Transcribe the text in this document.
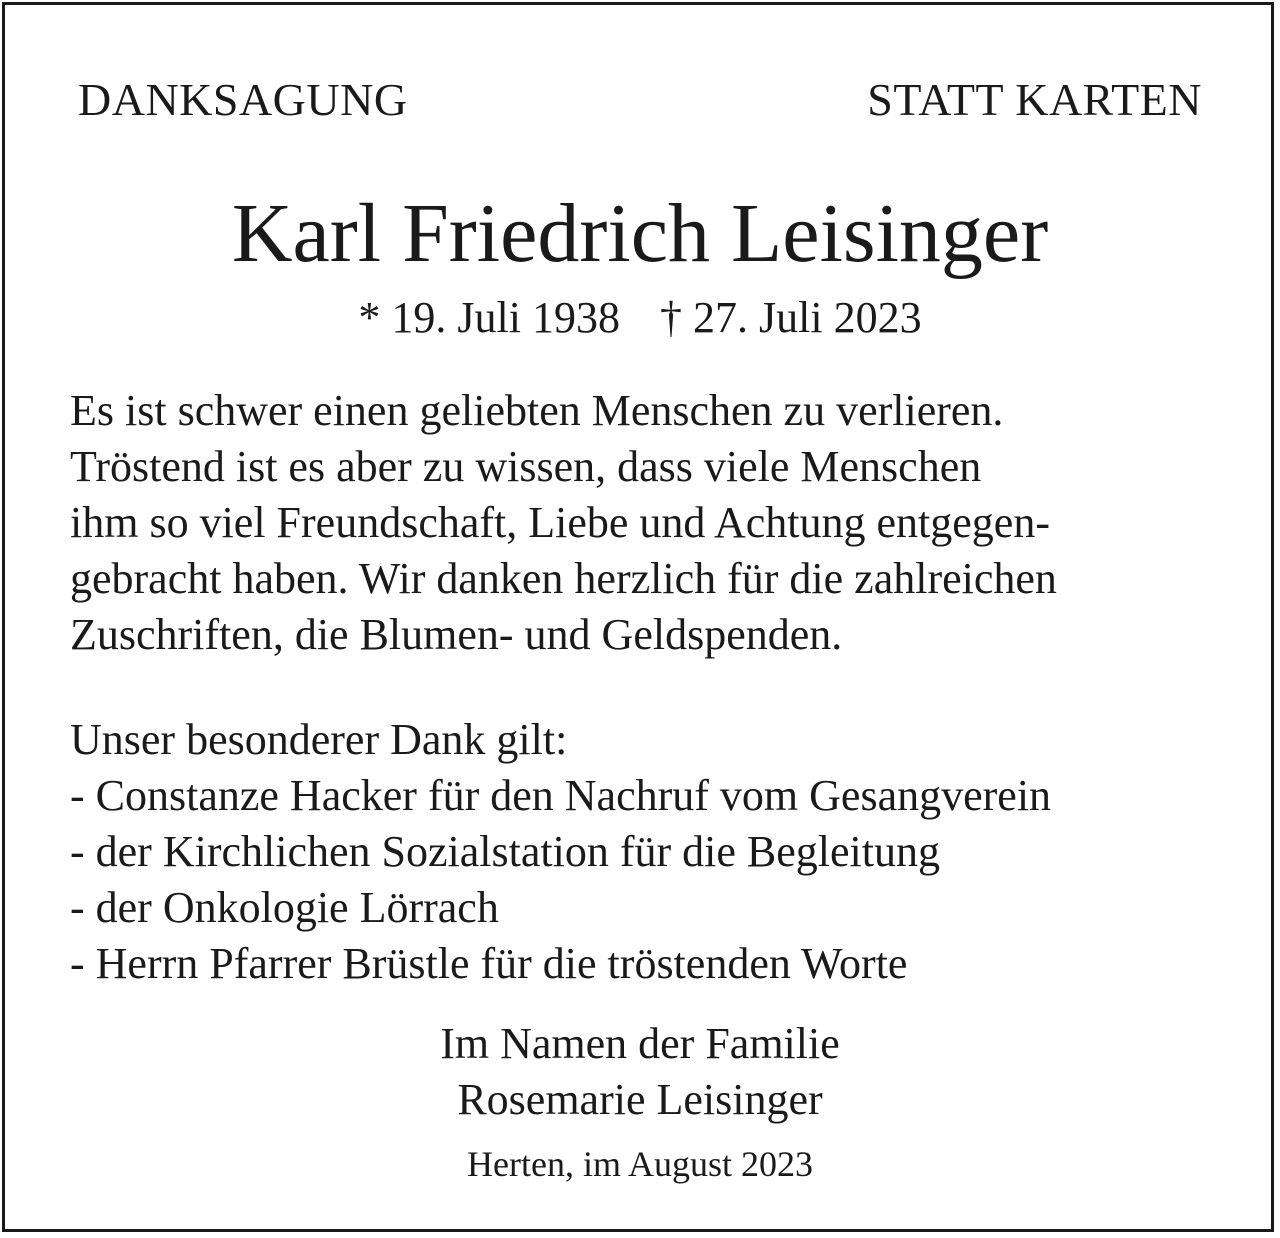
DANKSAGUNG	STATT KARTEN
Karl Friedrich Leisinger
* 19. Juli 1938 † 27. Juli 2023
Es ist schwer einen geliebten Menschen zu verlieren.
Tröstend ist es aber zu wissen, dass viele Menschen
ihm so viel Freundschaft, Liebe und Achtung entgegen-
gebracht haben. Wir danken herzlich für die zahlreichen
Zuschriften, die Blumen- und Geldspenden.
Unser besonderer Dank gilt:
- Constanze Hacker für den Nachruf vom Gesangverein
- der Kirchlichen Sozialstation für die Begleitung
- der Onkologie Lörrach
- Herrn Pfarrer Brüstle für die tröstenden Worte
Im Namen der Familie
Rosemarie Leisinger
Herten, im August 2023
